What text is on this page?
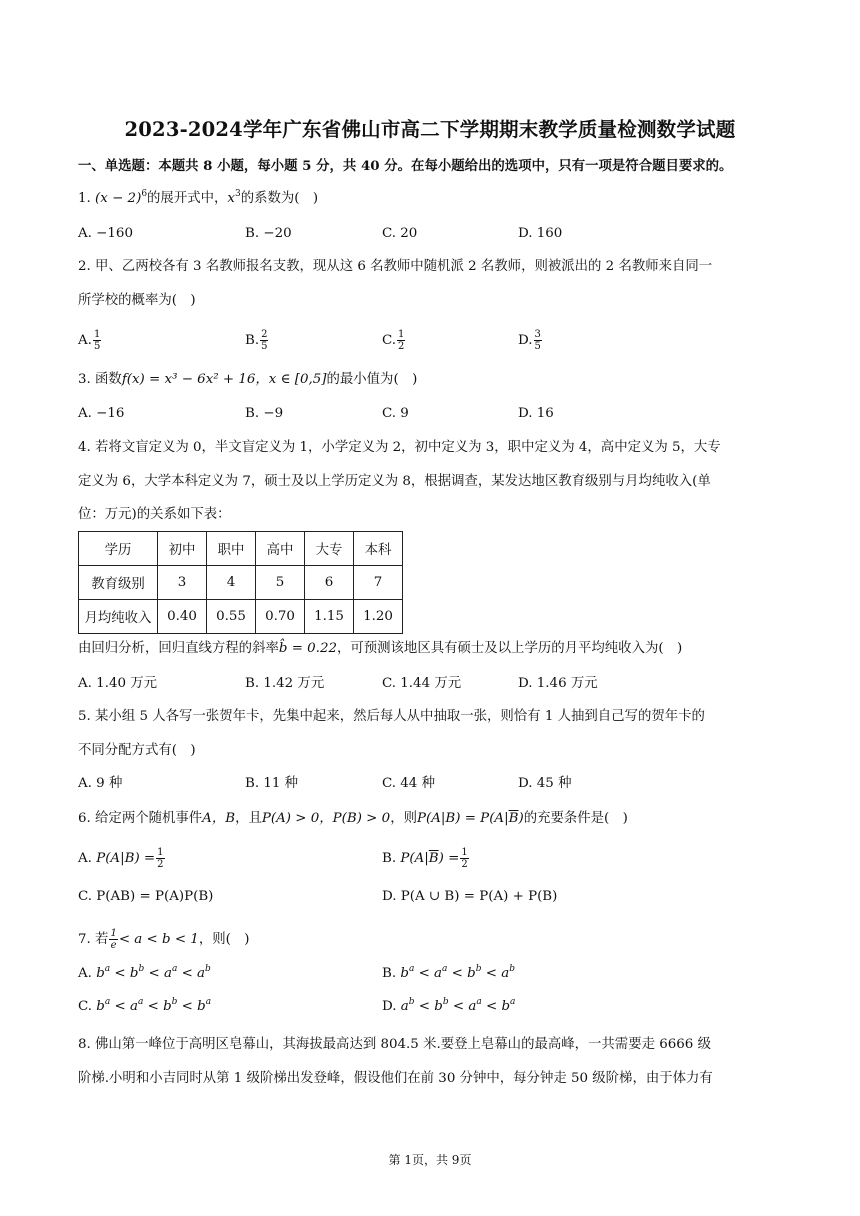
2023-2024学年广东省佛山市高二下学期期末教学质量检测数学试题
一、单选题：本题共 8 小题，每小题 5 分，共 40 分。在每小题给出的选项中，只有一项是符合题目要求的。
1. $(x - 2)^6$的展开式中，$x^3$的系数为(　)
A. −160	B. −20	C. 20	D. 160
2. 甲、乙两校各有 3 名教师报名支教，现从这 6 名教师中随机派 2 名教师，则被派出的 2 名教师来自同一
所学校的概率为(　)
A. $\frac{1}{5}$	B. $\frac{2}{5}$	C. $\frac{1}{2}$	D. $\frac{3}{5}$
3. 函数f(x) = x³ − 6x² + 16，x ∈ [0,5]的最小值为(　)
A. −16	B. −9	C. 9	D. 16
4. 若将文盲定义为 0，半文盲定义为 1，小学定义为 2，初中定义为 3，职中定义为 4，高中定义为 5，大专
定义为 6，大学本科定义为 7，硕士及以上学历定义为 8，根据调查，某发达地区教育级别与月均纯收入(单
位：万元)的关系如下表：
学历	初中	职中	高中	大专	本科
教育级别	3	4	5	6	7
月均纯收入	0.40	0.55	0.70	1.15	1.20
由回归分析，回归直线方程的斜率b̂ = 0.22，可预测该地区具有硕士及以上学历的月平均纯收入为(　)
A. 1.40 万元	B. 1.42 万元	C. 1.44 万元	D. 1.46 万元
5. 某小组 5 人各写一张贺年卡，先集中起来，然后每人从中抽取一张，则恰有 1 人抽到自己写的贺年卡的
不同分配方式有(　)
A. 9 种	B. 11 种	C. 44 种	D. 45 种
6. 给定两个随机事件A，B，且P(A) > 0，P(B) > 0，则$P(A|B) = P(A|\overline{B})$的充要条件是(　)
A. $P(A|B) = \frac{1}{2}$	B. $P(A|\overline{B}) = \frac{1}{2}$
C. P(AB) = P(A)P(B)	D. P(A ∪ B) = P(A) + P(B)
7. 若 $\frac{1}{e} < a < b < 1$，则(　)
A. $b^a < b^b < a^a < a^b$	B. $b^a < a^a < b^b < a^b$
C. $b^a < a^a < b^b < b^a$	D. $a^b < b^b < a^a < b^a$
8. 佛山第一峰位于高明区皂幕山，其海拔最高达到 804.5 米.要登上皂幕山的最高峰，一共需要走 6666 级
阶梯.小明和小吉同时从第 1 级阶梯出发登峰，假设他们在前 30 分钟中，每分钟走 50 级阶梯，由于体力有
第 1页，共 9页
